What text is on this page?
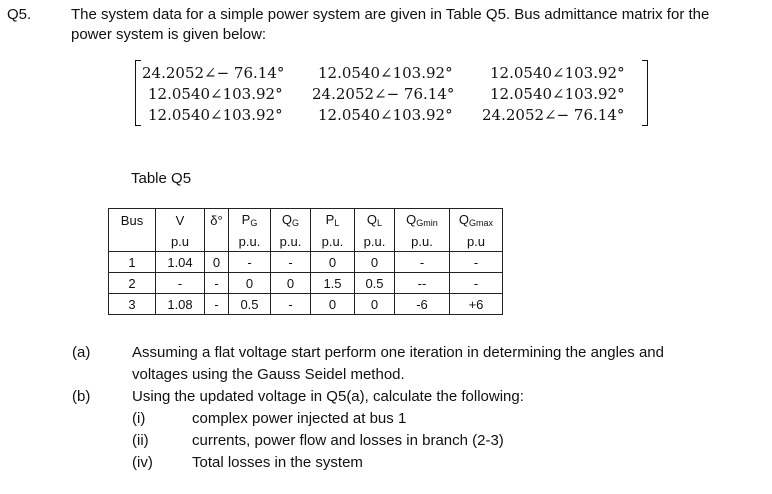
Q5.	The system data for a simple power system are given in Table Q5. Bus admittance matrix for the
power system is given below:
24.2052∠− 76.14° 12.0540∠103.92° 12.0540∠103.92°
12.0540∠103.92° 24.2052∠− 76.14° 12.0540∠103.92°
12.0540∠103.92° 12.0540∠103.92° 24.2052∠− 76.14°
Table Q5
Bus	V	δ°	$P_G$	$Q_G$	$P_L$	$Q_L$	$Q_{Gmin}$	$Q_{Gmax}$
	p.u		p.u.	p.u.	p.u.	p.u.	p.u.	p.u
1	1.04	0	-	-	0	0	-	-
2	-	-	0	0	1.5	0.5	--	-
3	1.08	-	0.5	-	0	0	-6	+6
(a)	Assuming a flat voltage start perform one iteration in determining the angles and
voltages using the Gauss Seidel method.
(b)	Using the updated voltage in Q5(a), calculate the following:
(i)	complex power injected at bus 1
(ii)	currents, power flow and losses in branch (2-3)
(iv)	Total losses in the system
